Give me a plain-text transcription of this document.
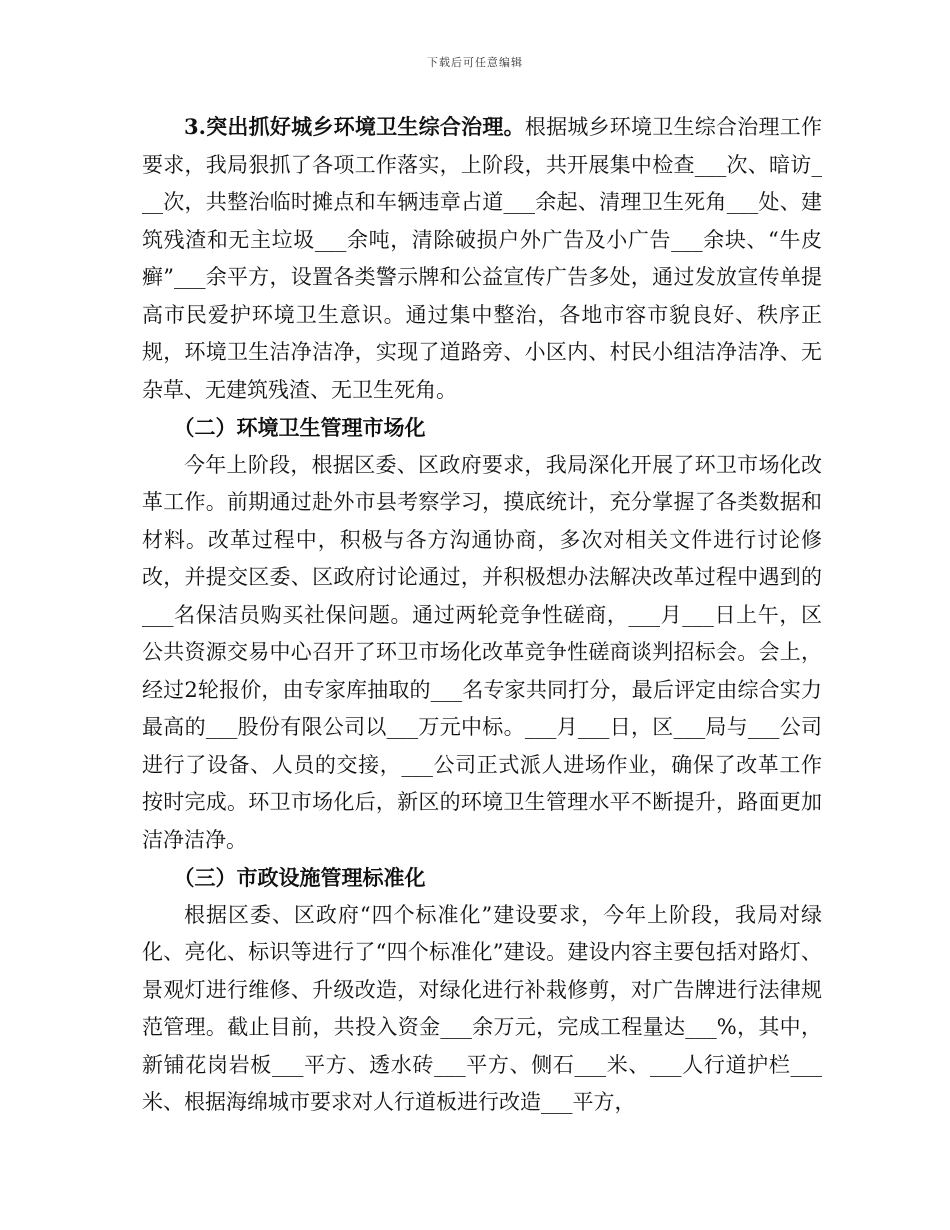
下载后可任意编辑

3.突出抓好城乡环境卫生综合治理。根据城乡环境卫生综合治理工作要求，我局狠抓了各项工作落实，上阶段，共开展集中检查___次、暗访___次，共整治临时摊点和车辆违章占道___余起、清理卫生死角___处、建筑残渣和无主垃圾___余吨，清除破损户外广告及小广告___余块、“牛皮癣”___余平方，设置各类警示牌和公益宣传广告多处，通过发放宣传单提高市民爱护环境卫生意识。通过集中整治，各地市容市貌良好、秩序正规，环境卫生洁净洁净，实现了道路旁、小区内、村民小组洁净洁净、无杂草、无建筑残渣、无卫生死角。

（二）环境卫生管理市场化

今年上阶段，根据区委、区政府要求，我局深化开展了环卫市场化改革工作。前期通过赴外市县考察学习，摸底统计，充分掌握了各类数据和材料。改革过程中，积极与各方沟通协商，多次对相关文件进行讨论修改，并提交区委、区政府讨论通过，并积极想办法解决改革过程中遇到的___名保洁员购买社保问题。通过两轮竞争性磋商，___月___日上午，区公共资源交易中心召开了环卫市场化改革竞争性磋商谈判招标会。会上，经过2轮报价，由专家库抽取的___名专家共同打分，最后评定由综合实力最高的___股份有限公司以___万元中标。___月___日，区___局与___公司进行了设备、人员的交接，___公司正式派人进场作业，确保了改革工作按时完成。环卫市场化后，新区的环境卫生管理水平不断提升，路面更加洁净洁净。

（三）市政设施管理标准化

根据区委、区政府“四个标准化”建设要求，今年上阶段，我局对绿化、亮化、标识等进行了“四个标准化”建设。建设内容主要包括对路灯、景观灯进行维修、升级改造，对绿化进行补栽修剪，对广告牌进行法律规范管理。截止目前，共投入资金___余万元，完成工程量达___%，其中，新铺花岗岩板___平方、透水砖___平方、侧石___米、___人行道护栏___米、根据海绵城市要求对人行道板进行改造___平方，
